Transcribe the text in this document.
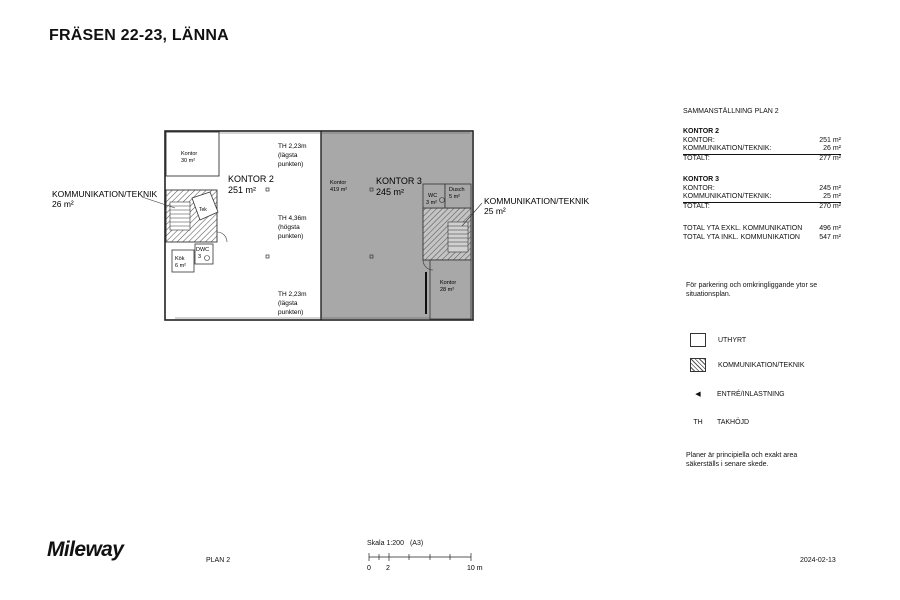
FRÄSEN 22-23, LÄNNA
Kontor
30 m²
KONTOR 2
251 m²
Kontor
419 m²
KONTOR 3
245 m²	Dusch
5 m²
WC
3 m²
Kontor
28 m²
Kök
6 m²
DWC
3
Tek
TH 2,23m
(lägsta
punkten)
TH 4,36m
(högsta
punkten)
TH 2,23m
(lägsta
punkten)
KOMMUNIKATION/TEKNIK
26 m²	KOMMUNIKATION/TEKNIK
25 m²
0 2	10 m
SAMMANSTÄLLNING PLAN 2
KONTOR 2
KONTOR:	251 m²
KOMMUNIKATION/TEKNIK:	26 m²
TOTALT:	277 m²
KONTOR 3
KONTOR:	245 m²
KOMMUNIKATION/TEKNIK:	25 m²
TOTALT:	270 m²
TOTAL YTA EXKL. KOMMUNIKATION 496 m²
TOTAL YTA INKL. KOMMUNIKATION	547 m²
För parkering och omkringliggande ytor se
situationsplan.
UTHYRT
KOMMUNIKATION/TEKNIK
◀ ENTRÉ/INLASTNING
TH TAKHÖJD
Planer är principiella och exakt area
säkerställs i senare skede.
Mileway	PLAN 2
Skala 1:200 (A3)
2024-02-13
